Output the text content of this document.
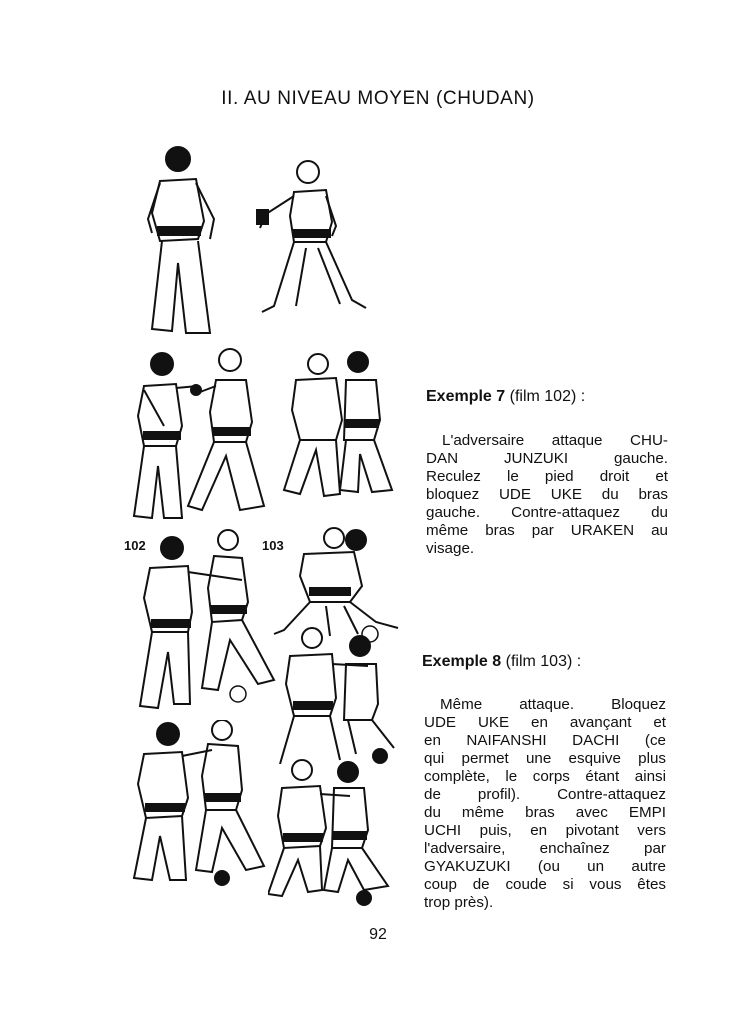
II. AU NIVEAU MOYEN (CHUDAN)
102	103
Exemple 7 (film 102) :
L'adversaire attaque CHU-
DAN JUNZUKI gauche.
Reculez le pied droit et
bloquez UDE UKE du bras
gauche. Contre-attaquez du
même bras par URAKEN au
visage.
Exemple 8 (film 103) :
Même attaque. Bloquez
UDE UKE en avançant et
en NAIFANSHI DACHI (ce
qui permet une esquive plus
complète, le corps étant ainsi
de profil). Contre-attaquez
du même bras avec EMPI
UCHI puis, en pivotant vers
l'adversaire, enchaînez par
GYAKUZUKI (ou un autre
coup de coude si vous êtes
trop près).
92
